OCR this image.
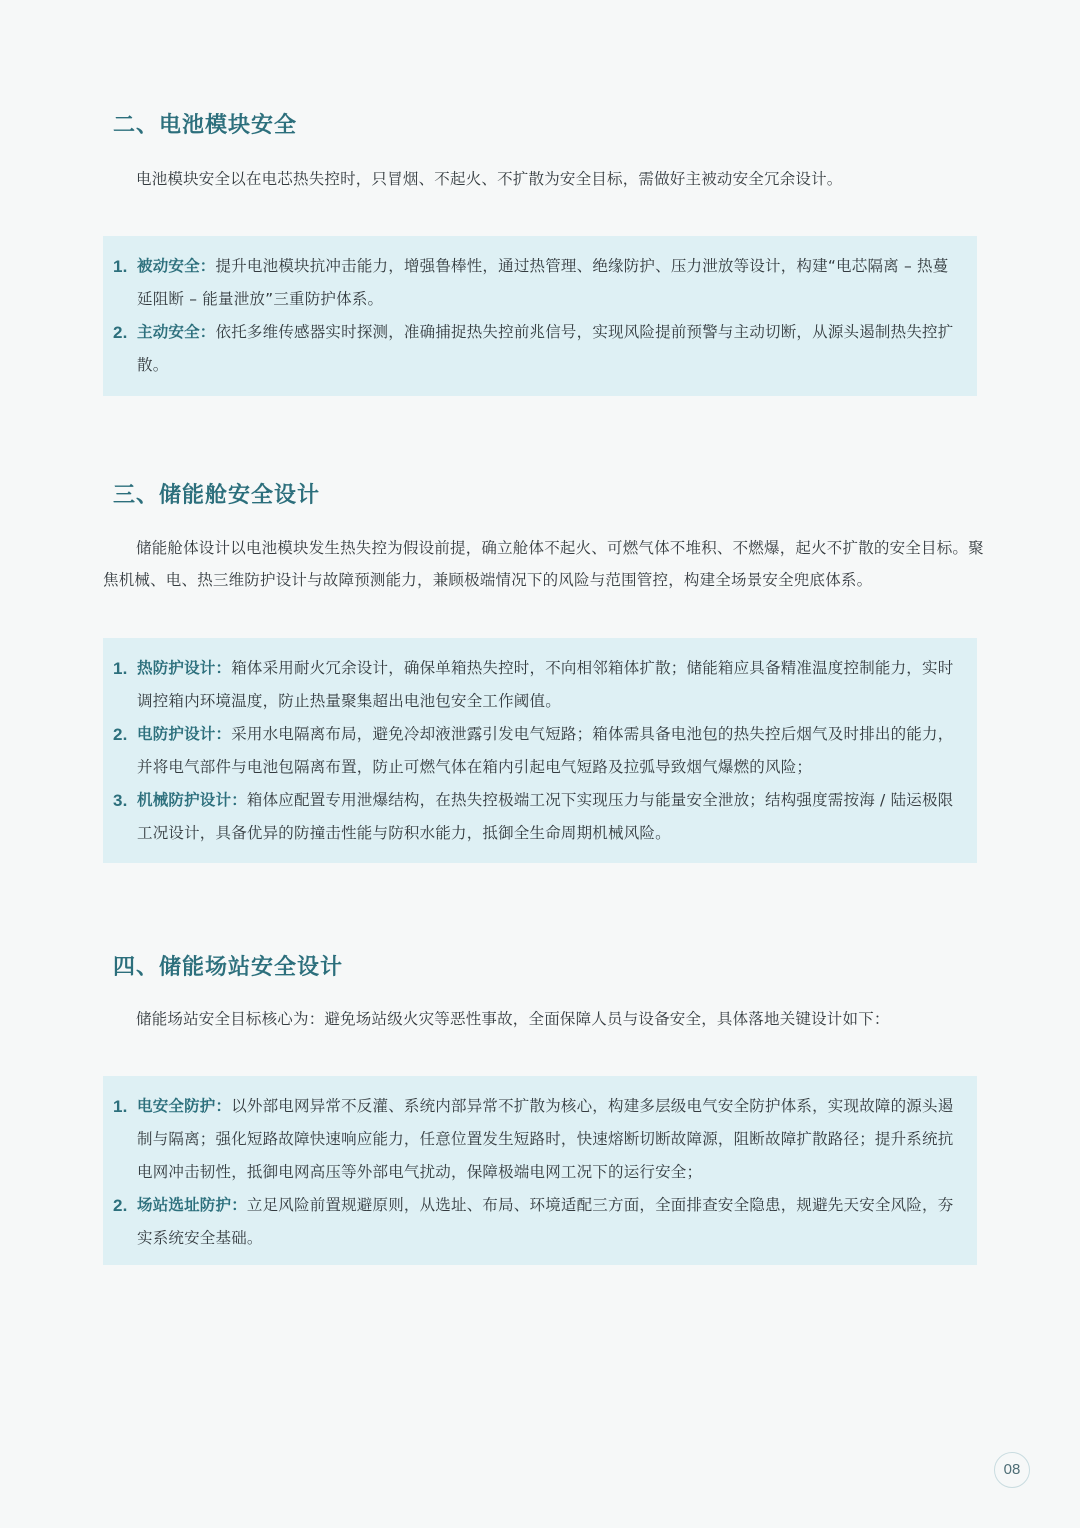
二、电池模块安全
电池模块安全以在电芯热失控时，只冒烟、不起火、不扩散为安全目标，需做好主被动安全冗余设计。
1. 被动安全：提升电池模块抗冲击能力，增强鲁棒性，通过热管理、绝缘防护、压力泄放等设计，构建“电芯隔离 – 热蔓延阻断 – 能量泄放”三重防护体系。
2. 主动安全：依托多维传感器实时探测，准确捕捉热失控前兆信号，实现风险提前预警与主动切断，从源头遏制热失控扩散。
三、储能舱安全设计
储能舱体设计以电池模块发生热失控为假设前提，确立舱体不起火、可燃气体不堆积、不燃爆，起火不扩散的安全目标。聚焦机械、电、热三维防护设计与故障预测能力，兼顾极端情况下的风险与范围管控，构建全场景安全兜底体系。
1. 热防护设计：箱体采用耐火冗余设计，确保单箱热失控时，不向相邻箱体扩散；储能箱应具备精准温度控制能力，实时调控箱内环境温度，防止热量聚集超出电池包安全工作阈值。
2. 电防护设计：采用水电隔离布局，避免冷却液泄露引发电气短路；箱体需具备电池包的热失控后烟气及时排出的能力，并将电气部件与电池包隔离布置，防止可燃气体在箱内引起电气短路及拉弧导致烟气爆燃的风险；
3. 机械防护设计：箱体应配置专用泄爆结构，在热失控极端工况下实现压力与能量安全泄放；结构强度需按海 / 陆运极限工况设计，具备优异的防撞击性能与防积水能力，抵御全生命周期机械风险。
四、储能场站安全设计
储能场站安全目标核心为：避免场站级火灾等恶性事故，全面保障人员与设备安全，具体落地关键设计如下：
1. 电安全防护：以外部电网异常不反灌、系统内部异常不扩散为核心，构建多层级电气安全防护体系，实现故障的源头遏制与隔离；强化短路故障快速响应能力，任意位置发生短路时，快速熔断切断故障源，阻断故障扩散路径；提升系统抗电网冲击韧性，抵御电网高压等外部电气扰动，保障极端电网工况下的运行安全；
2. 场站选址防护：立足风险前置规避原则，从选址、布局、环境适配三方面，全面排查安全隐患，规避先天安全风险，夯实系统安全基础。
08
